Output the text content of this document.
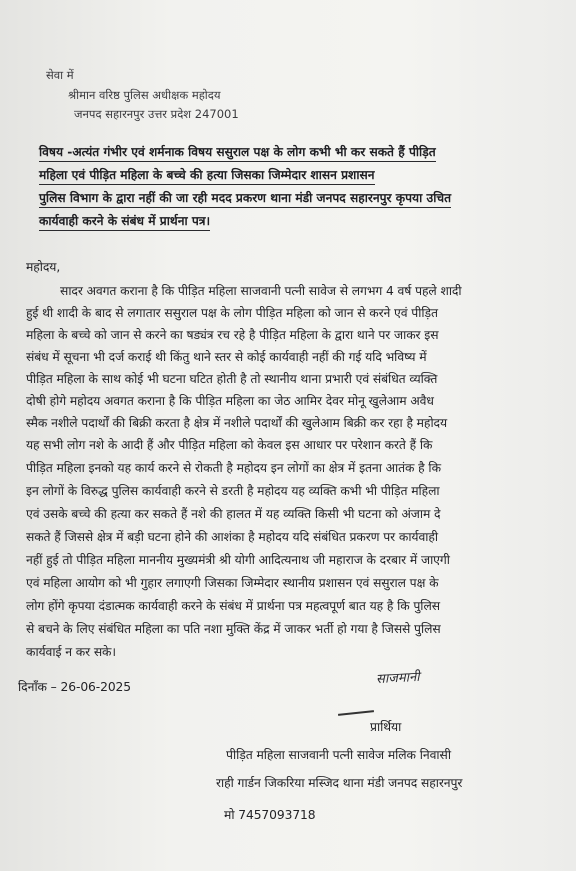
सेवा में
श्रीमान वरिष्ठ पुलिस अधीक्षक महोदय
जनपद सहारनपुर उत्तर प्रदेश 247001
विषय -अत्यंत गंभीर एवं शर्मनाक विषय ससुराल पक्ष के लोग कभी भी कर सकते हैं पीड़ित
महिला एवं पीड़ित महिला के बच्चे की हत्या जिसका जिम्मेदार शासन प्रशासन
पुलिस विभाग के द्वारा नहीं की जा रही मदद प्रकरण थाना मंडी जनपद सहारनपुर कृपया उचित
कार्यवाही करने के संबंध में प्रार्थना पत्र।
महोदय,
सादर अवगत कराना है कि पीड़ित महिला साजवानी पत्नी सावेज से लगभग 4 वर्ष पहले शादी
हुई थी शादी के बाद से लगातार ससुराल पक्ष के लोग पीड़ित महिला को जान से करने एवं पीड़ित
महिला के बच्चे को जान से करने का षड्यंत्र रच रहे है पीड़ित महिला के द्वारा थाने पर जाकर इस
संबंध में सूचना भी दर्ज कराई थी किंतु थाने स्तर से कोई कार्यवाही नहीं की गई यदि भविष्य में
पीड़ित महिला के साथ कोई भी घटना घटित होती है तो स्थानीय थाना प्रभारी एवं संबंधित व्यक्ति
दोषी होगे महोदय अवगत कराना है कि पीड़ित महिला का जेठ आमिर देवर मोनू खुलेआम अवैध
स्मैक नशीले पदार्थों की बिक्री करता है क्षेत्र में नशीले पदार्थों की खुलेआम बिक्री कर रहा है महोदय
यह सभी लोग नशे के आदी हैं और पीड़ित महिला को केवल इस आधार पर परेशान करते हैं कि
पीड़ित महिला इनको यह कार्य करने से रोकती है महोदय इन लोगों का क्षेत्र में इतना आतंक है कि
इन लोगों के विरुद्ध पुलिस कार्यवाही करने से डरती है महोदय यह व्यक्ति कभी भी पीड़ित महिला
एवं उसके बच्चे की हत्या कर सकते हैं नशे की हालत में यह व्यक्ति किसी भी घटना को अंजाम दे
सकते हैं जिससे क्षेत्र में बड़ी घटना होने की आशंका है महोदय यदि संबंधित प्रकरण पर कार्यवाही
नहीं हुई तो पीड़ित महिला माननीय मुख्यमंत्री श्री योगी आदित्यनाथ जी महाराज के दरबार में जाएगी
एवं महिला आयोग को भी गुहार लगाएगी जिसका जिम्मेदार स्थानीय प्रशासन एवं ससुराल पक्ष के
लोग होंगे कृपया दंडात्मक कार्यवाही करने के संबंध में प्रार्थना पत्र महत्वपूर्ण बात यह है कि पुलिस
से बचने के लिए संबंधित महिला का पति नशा मुक्ति केंद्र में जाकर भर्ती हो गया है जिससे पुलिस
कार्यवाई न कर सके।
दिनाँक – 26-06-2025	साजमानी
प्रार्थिया
पीड़ित महिला साजवानी पत्नी सावेज मलिक निवासी
राही गार्डन जिकरिया मस्जिद थाना मंडी जनपद सहारनपुर
मो 7457093718
